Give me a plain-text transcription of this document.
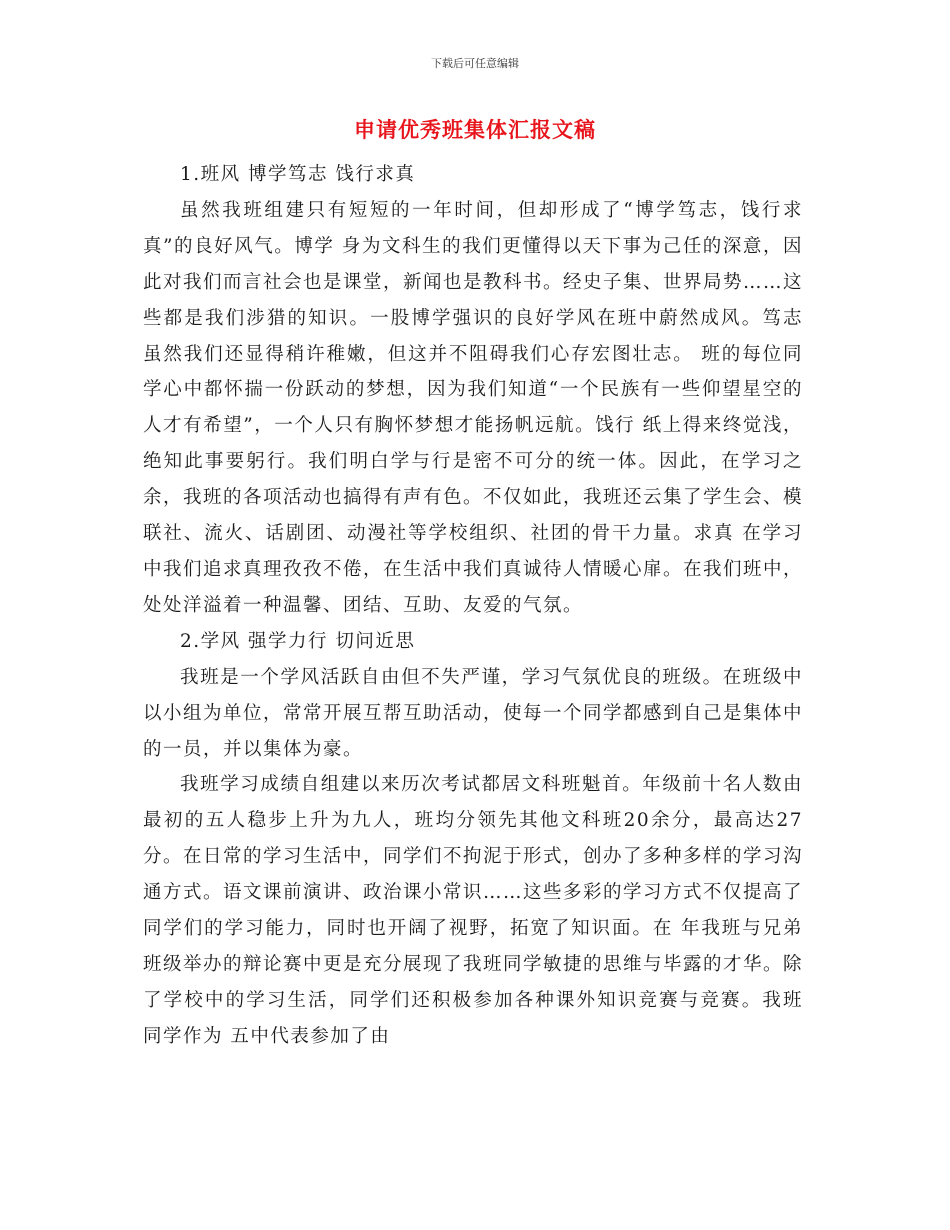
下载后可任意编辑
申请优秀班集体汇报文稿

1.班风 博学笃志 饯行求真

虽然我班组建只有短短的一年时间，但却形成了“博学笃志，饯行求真”的良好风气。博学 身为文科生的我们更懂得以天下事为己任的深意，因此对我们而言社会也是课堂，新闻也是教科书。经史子集、世界局势……这些都是我们涉猎的知识。一股博学强识的良好学风在班中蔚然成风。笃志 虽然我们还显得稍许稚嫩，但这并不阻碍我们心存宏图壮志。 班的每位同学心中都怀揣一份跃动的梦想，因为我们知道“一个民族有一些仰望星空的人才有希望”，一个人只有胸怀梦想才能扬帆远航。饯行 纸上得来终觉浅，绝知此事要躬行。我们明白学与行是密不可分的统一体。因此，在学习之余，我班的各项活动也搞得有声有色。不仅如此，我班还云集了学生会、模联社、流火、话剧团、动漫社等学校组织、社团的骨干力量。求真 在学习中我们追求真理孜孜不倦，在生活中我们真诚待人情暖心扉。在我们班中，处处洋溢着一种温馨、团结、互助、友爱的气氛。

2.学风 强学力行 切问近思

我班是一个学风活跃自由但不失严谨，学习气氛优良的班级。在班级中以小组为单位，常常开展互帮互助活动，使每一个同学都感到自己是集体中的一员，并以集体为豪。

我班学习成绩自组建以来历次考试都居文科班魁首。年级前十名人数由最初的五人稳步上升为九人，班均分领先其他文科班20余分，最高达27分。在日常的学习生活中，同学们不拘泥于形式，创办了多种多样的学习沟通方式。语文课前演讲、政治课小常识……这些多彩的学习方式不仅提高了同学们的学习能力，同时也开阔了视野，拓宽了知识面。在 年我班与兄弟班级举办的辩论赛中更是充分展现了我班同学敏捷的思维与毕露的才华。除了学校中的学习生活，同学们还积极参加各种课外知识竞赛与竞赛。我班 同学作为 五中代表参加了由
